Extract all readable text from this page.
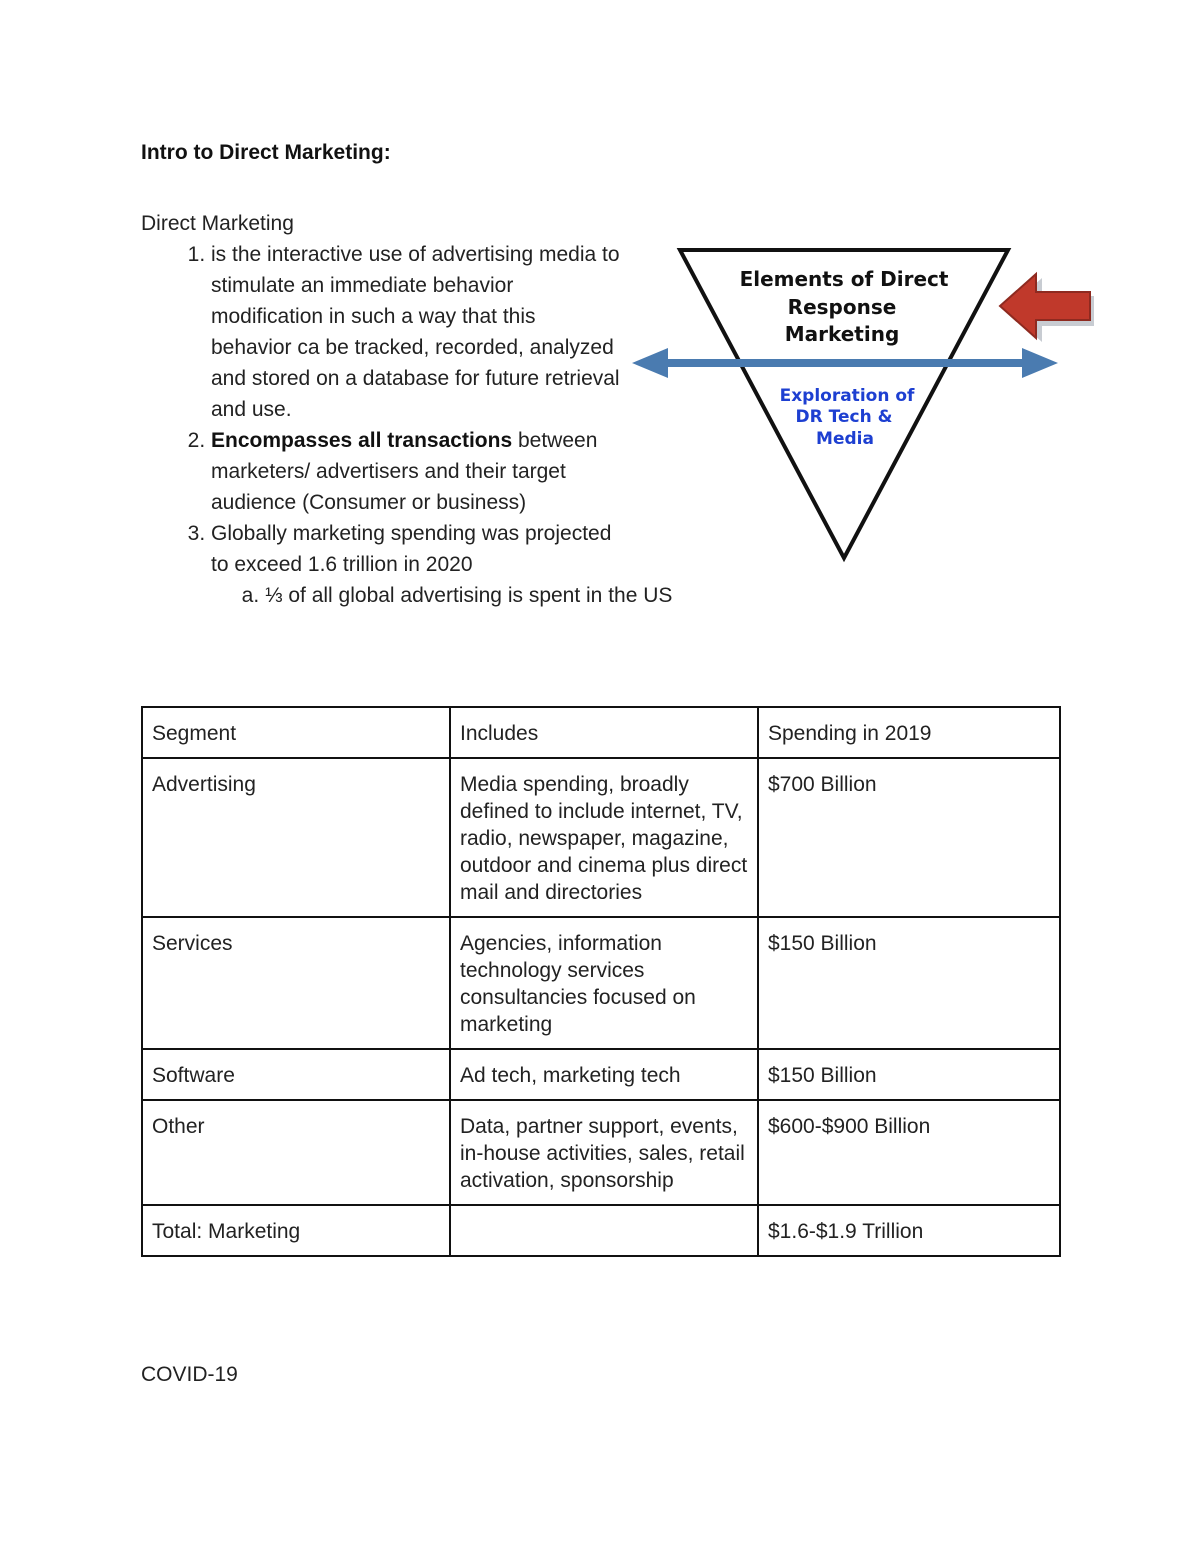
Intro to Direct Marketing:

Direct Marketing

1. is the interactive use of advertising media to stimulate an immediate behavior modification in such a way that this behavior ca be tracked, recorded, analyzed and stored on a database for future retrieval and use.
2. Encompasses all transactions between marketers/ advertisers and their target audience (Consumer or business)
3. Globally marketing spending was projected to exceed 1.6 trillion in 2020
a. ⅓ of all global advertising is spent in the US
Elements of Direct
Response
Marketing
Exploration of
DR Tech &
Media
Segment	Includes	Spending in 2019
Advertising	Media spending, broadly defined to include internet, TV, radio, newspaper, magazine, outdoor and cinema plus direct mail and directories	$700 Billion
Services	Agencies, information technology services consultancies focused on marketing	$150 Billion
Software	Ad tech, marketing tech	$150 Billion
Other	Data, partner support, events, in-house activities, sales, retail activation, sponsorship	$600-$900 Billion
Total: Marketing		$1.6-$1.9 Trillion

COVID-19
